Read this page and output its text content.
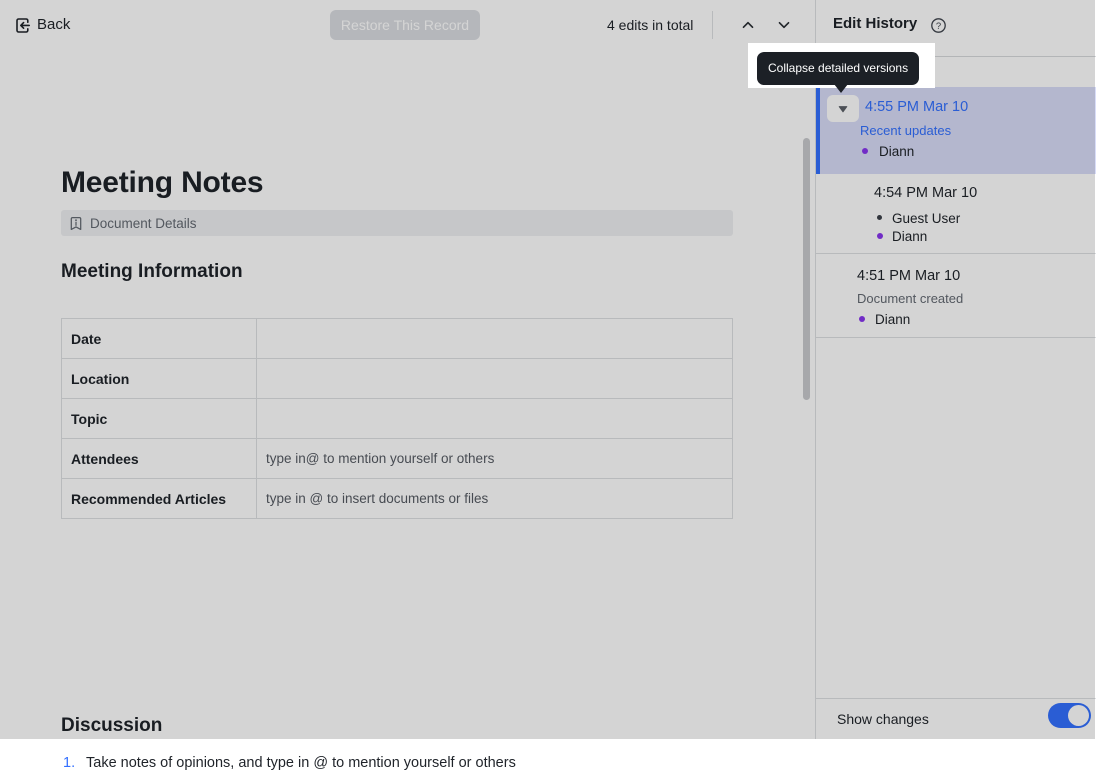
Back	Restore This Record	4 edits in total
Meeting Notes
Document Details
Meeting Information
Date	
Location	
Topic	
Attendees	type in@ to mention yourself or others
Recommended Articles	type in @ to insert documents or files
Discussion
1. Take notes of opinions, and type in @ to mention yourself or others
Edit History ?
4:55 PM Mar 10
Recent updates
Diann
4:54 PM Mar 10
Guest User
Diann
4:51 PM Mar 10
Document created
Diann
Show changes
Collapse detailed versions
